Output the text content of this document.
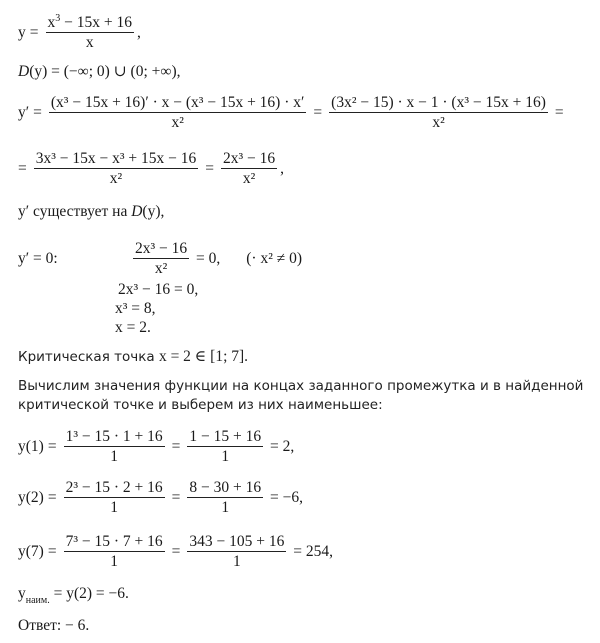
$y = \frac{x^3 - 15x + 16}{x}$ ,
D (y) = (−∞; 0) ∪ (0; +∞),
$y' = \frac{\text{(x³ − 15x + 16)′ · x − (x³ − 15x + 16) · x′}}{\text{x²}} = \frac{\text{(3x² − 15) · x − 1 · (x³ − 15x + 16)}}{\text{x²}}$ =
= $\frac{\text{3x³ − 15x − x³ + 15x − 16}}{\text{x²}} = \frac{\text{2x³ − 16}}{\text{x²}}$ ,
y′ существует на D (y),
y′ = 0:	$\frac{\text{2x³ − 16}}{\text{x²}} = 0$, (· x² ≠ 0)
2x³ − 16 = 0,
x³ = 8,
x = 2.
Критическая точка x = 2 ∈ [1; 7].
Вычислим значения функции на концах заданного промежутка и в найденной
критической точке и выберем из них наименьшее:
$y(1) = \frac{\text{1³ − 15 · 1 + 16}}{1} = \frac{1 - 15 + 16}{1} = 2$,
$y(2) = \frac{\text{2³ − 15 · 2 + 16}}{1} = \frac{8 - 30 + 16}{1} = -6$,
$y(7) = \frac{\text{7³ − 15 · 7 + 16}}{1} = \frac{343 - 105 + 16}{1} = 254$,
y наим. = y(2) = −6.
Ответ: − 6.
